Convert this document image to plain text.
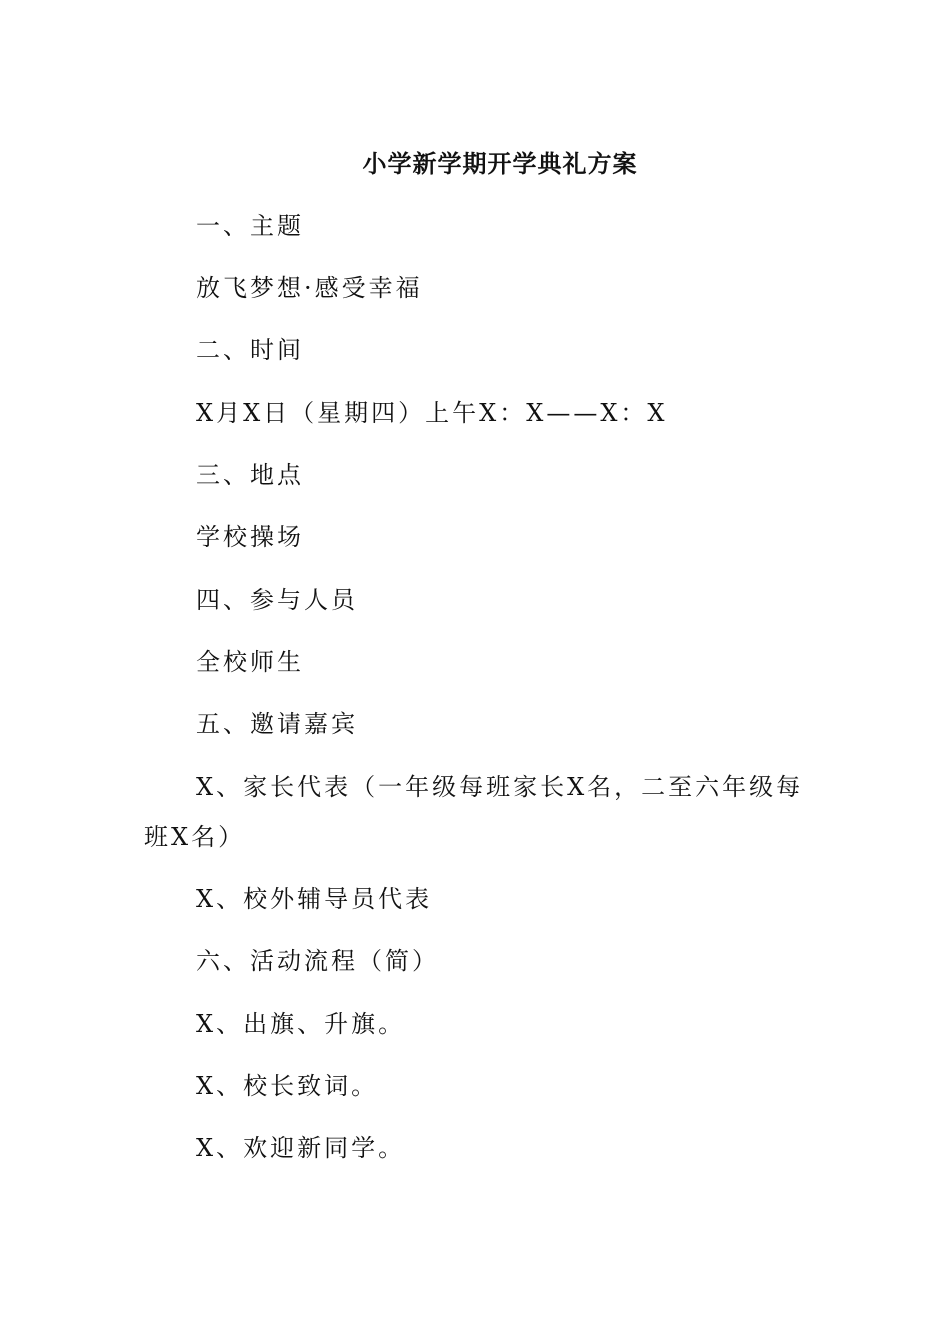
小学新学期开学典礼方案

一、主题

放飞梦想·感受幸福

二、时间

X月X日（星期四）上午X：X——X：X

三、地点

学校操场

四、参与人员

全校师生

五、邀请嘉宾

X、家长代表（一年级每班家长X名，二至六年级每班X名）

X、校外辅导员代表

六、活动流程（简）

X、出旗、升旗。

X、校长致词。

X、欢迎新同学。
